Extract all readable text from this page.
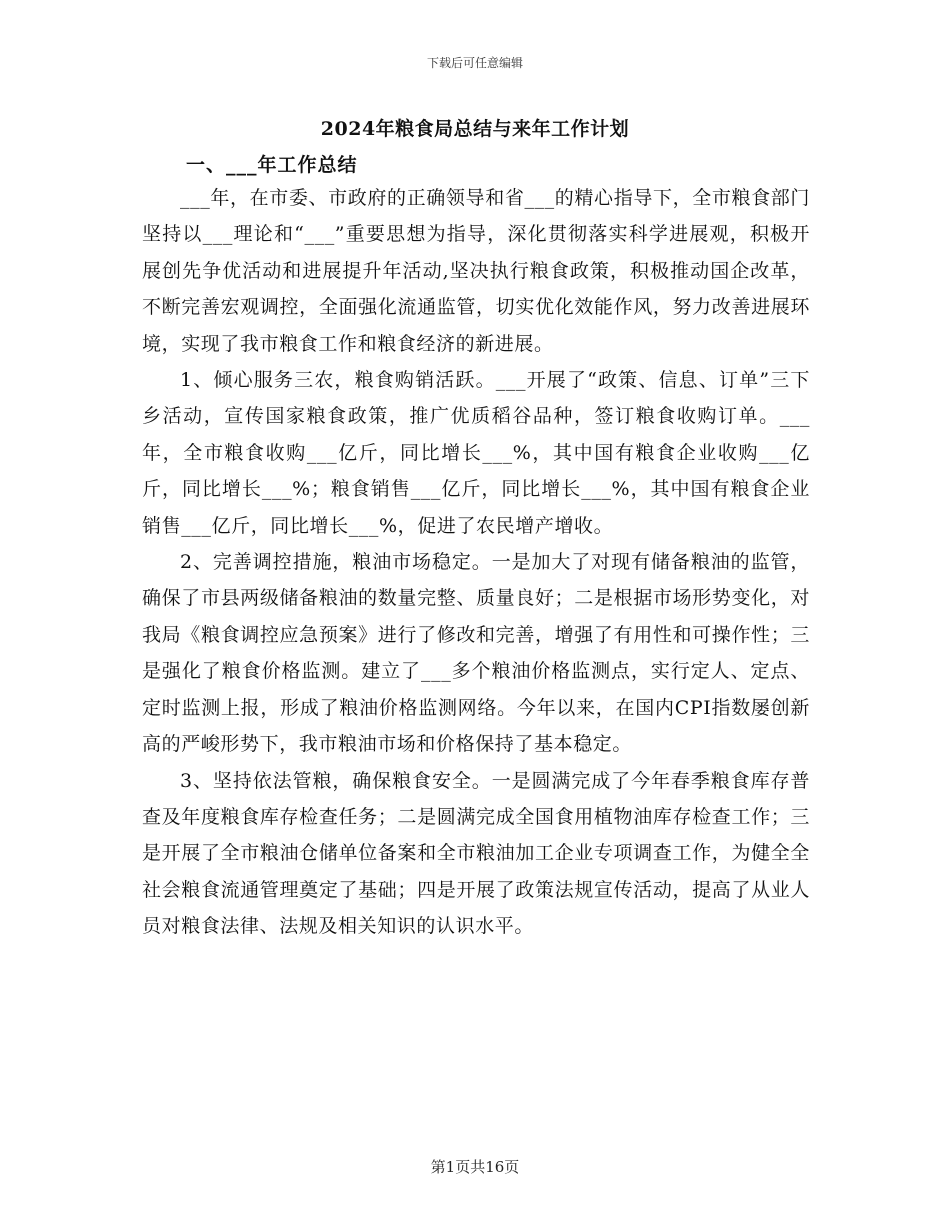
下载后可任意编辑
2024年粮食局总结与来年工作计划
一、___年工作总结

___年，在市委、市政府的正确领导和省___的精心指导下，全市粮食部门坚持以___理论和“___”重要思想为指导，深化贯彻落实科学进展观，积极开展创先争优活动和进展提升年活动,坚决执行粮食政策，积极推动国企改革，不断完善宏观调控，全面强化流通监管，切实优化效能作风，努力改善进展环境，实现了我市粮食工作和粮食经济的新进展。

1、倾心服务三农，粮食购销活跃。___开展了“政策、信息、订单”三下乡活动，宣传国家粮食政策，推广优质稻谷品种，签订粮食收购订单。___年，全市粮食收购___亿斤，同比增长___%，其中国有粮食企业收购___亿斤，同比增长___%；粮食销售___亿斤，同比增长___%，其中国有粮食企业销售___亿斤，同比增长___%，促进了农民增产增收。

2、完善调控措施，粮油市场稳定。一是加大了对现有储备粮油的监管，确保了市县两级储备粮油的数量完整、质量良好；二是根据市场形势变化，对我局《粮食调控应急预案》进行了修改和完善，增强了有用性和可操作性；三是强化了粮食价格监测。建立了___多个粮油价格监测点，实行定人、定点、定时监测上报，形成了粮油价格监测网络。今年以来，在国内CPI指数屡创新高的严峻形势下，我市粮油市场和价格保持了基本稳定。

3、坚持依法管粮，确保粮食安全。一是圆满完成了今年春季粮食库存普查及年度粮食库存检查任务；二是圆满完成全国食用植物油库存检查工作；三是开展了全市粮油仓储单位备案和全市粮油加工企业专项调查工作，为健全全社会粮食流通管理奠定了基础；四是开展了政策法规宣传活动，提高了从业人员对粮食法律、法规及相关知识的认识水平。

第1页共16页
